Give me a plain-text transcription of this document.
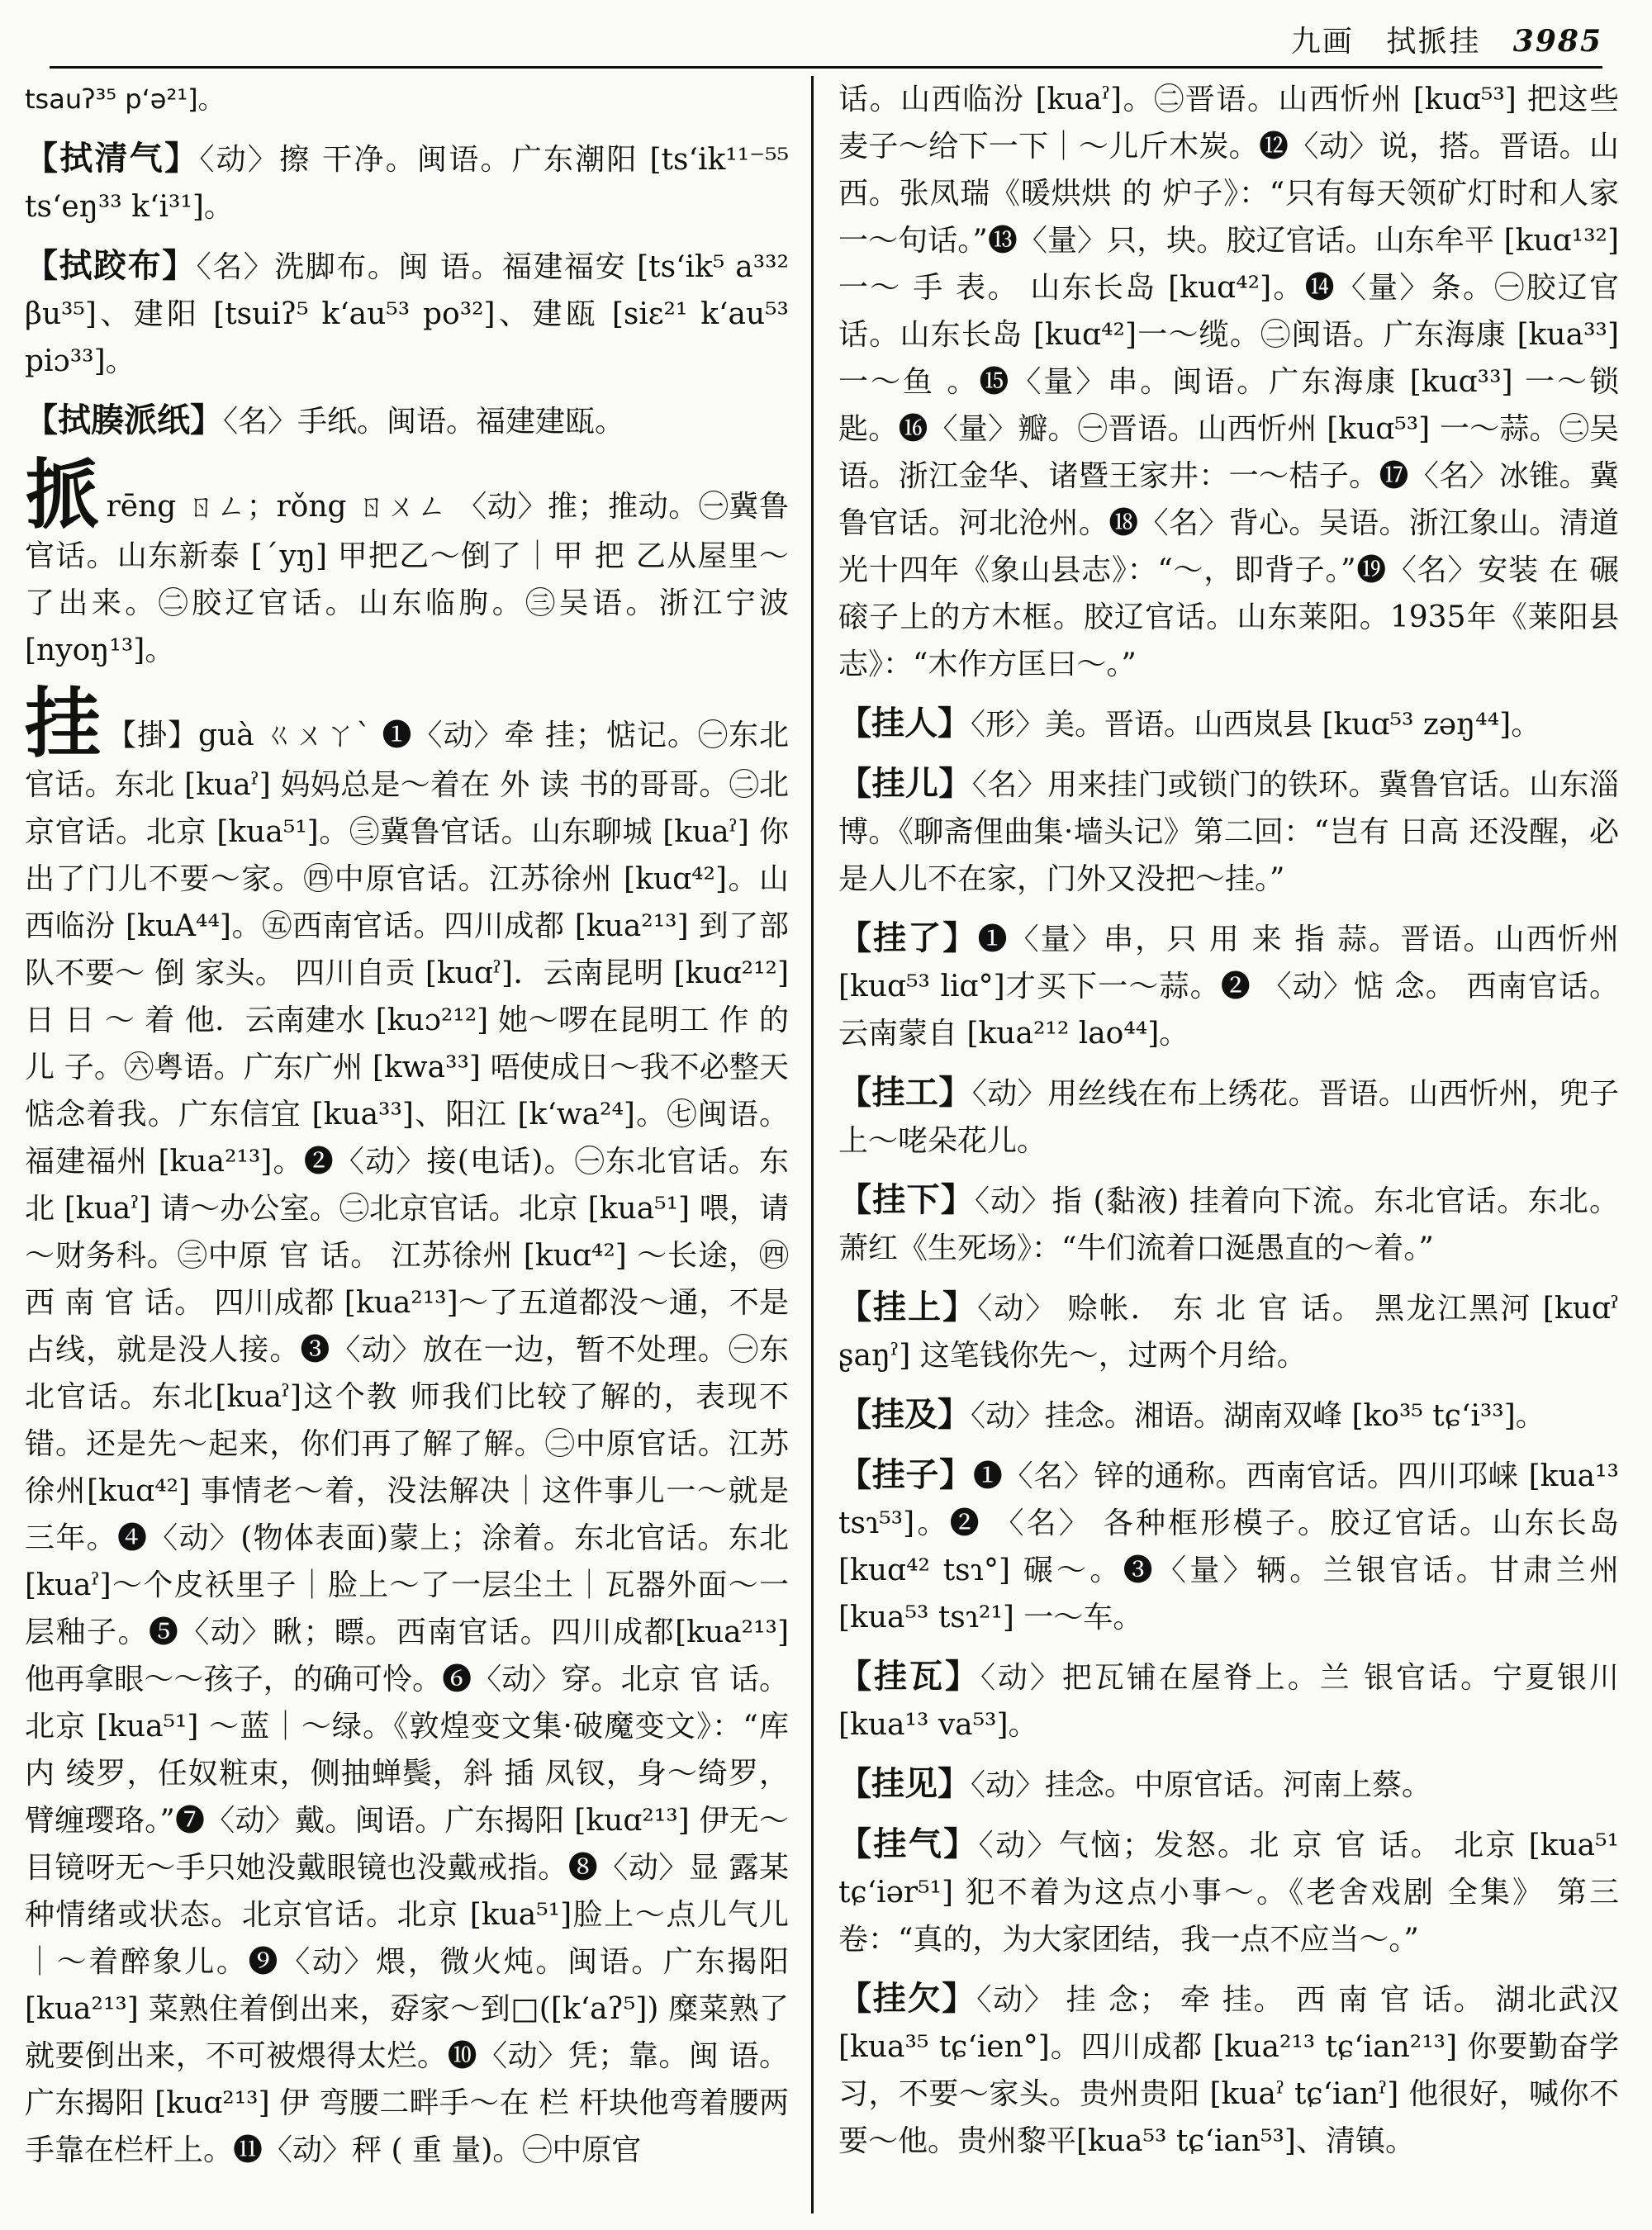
九画 拭挀挂 3985

tsauʔ³⁵ pʻə²¹]。

【拭清气】〈动〉擦 干净。闽语。广东潮阳 [tsʻik¹¹⁻⁵⁵ tsʻeŋ³³ kʻi³¹]。

【拭跤布】〈名〉洗脚布。闽 语。福建福安 [tsʻik⁵ a³³² βu³⁵]、建阳 [tsuiʔ⁵ kʻau⁵³ po³²]、建瓯 [siɛ²¹ kʻau⁵³ piɔ³³]。

【拭腠派纸】〈名〉手纸。闽语。福建建瓯。

挀rēng ㄖㄥ；rǒng ㄖㄨㄥ 〈动〉推；推动。㊀冀鲁官话。山东新泰 [ˊyŋ] 甲把乙～倒了｜甲 把 乙从屋里～了出来。㊁胶辽官话。山东临朐。㊂吴语。浙江宁波 [nyoŋ¹³]。

挂 【掛】guà ㄍㄨㄚˋ ❶〈动〉牵 挂；惦记。㊀东北官话。东北 [kuaˀ] 妈妈总是～着在 外 读 书的哥哥。㊁北京官话。北京 [kua⁵¹]。㊂冀鲁官话。山东聊城 [kuaˀ] 你出了门儿不要～家。㊃中原官话。江苏徐州 [kuɑ⁴²]。山西临汾 [kuA⁴⁴]。㊄西南官话。四川成都 [kua²¹³] 到了部队不要～ 倒 家头。 四川自贡 [kuɑˀ]．云南昆明 [kuɑ²¹²] 日 日 ～ 着 他．云南建水 [kuɔ²¹²] 她～啰在昆明工 作 的 儿 子。㊅粤语。广东广州 [kwa³³] 唔使成日～我不必整天惦念着我。广东信宜 [kua³³]、阳江 [kʻwa²⁴]。㊆闽语。福建福州 [kua²¹³]。❷〈动〉接(电话)。㊀东北官话。东北 [kuaˀ] 请～办公室。㊁北京官话。北京 [kua⁵¹] 喂，请～财务科。㊂中原 官 话。 江苏徐州 [kuɑ⁴²] ～长途，㊃西 南 官 话。 四川成都 [kua²¹³]～了五道都没～通，不是占线，就是没人接。❸〈动〉放在一边，暂不处理。㊀东北官话。东北[kuaˀ]这个教 师我们比较了解的，表现不错。还是先～起来，你们再了解了解。㊁中原官话。江苏徐州[kuɑ⁴²] 事情老～着，没法解决｜这件事儿一～就是三年。❹〈动〉(物体表面)蒙上；涂着。东北官话。东北[kuaˀ]～个皮袄里子｜脸上～了一层尘土｜瓦器外面～一层釉子。❺〈动〉瞅；瞟。西南官话。四川成都[kua²¹³]他再拿眼～～孩子，的确可怜。❻〈动〉穿。北京 官 话。 北京 [kua⁵¹] ～蓝｜～绿。《敦煌变文集·破魔变文》：“库 内 绫罗，任奴粧束，侧抽蝉鬓，斜 插 凤钗，身～绮罗，臂缠璎珞。”❼〈动〉戴。闽语。广东揭阳 [kuɑ²¹³] 伊无～目镜呀无～手只她没戴眼镜也没戴戒指。❽〈动〉显 露某种情绪或状态。北京官话。北京 [kua⁵¹]脸上～点儿气儿｜～着醉象儿。❾〈动〉煨，微火炖。闽语。广东揭阳 [kua²¹³] 菜熟住着倒出来，孬家～到□([kʻaʔ⁵]) 糜菜熟了就要倒出来，不可被煨得太烂。❿〈动〉凭；靠。闽 语。广东揭阳 [kuɑ²¹³] 伊 弯腰二畔手～在 栏 杆块他弯着腰两手靠在栏杆上。⓫〈动〉秤 ( 重 量)。㊀中原官

话。山西临汾 [kuaˀ]。㊁晋语。山西忻州 [kuɑ⁵³] 把这些麦子～给下一下｜～儿斤木炭。⓬〈动〉说，搭。晋语。山西。张凤瑞《暖烘烘 的 炉子》：“只有每天领矿灯时和人家一～句话。”⓭〈量〉只，块。胶辽官话。山东牟平 [kuɑ¹³²] 一～ 手 表。 山东长岛 [kuɑ⁴²]。⓮〈量〉条。㊀胶辽官话。山东长岛 [kuɑ⁴²]一～缆。㊁闽语。广东海康 [kua³³] 一～鱼 。⓯〈量〉串。闽语。广东海康 [kuɑ³³] 一～锁 匙。⓰〈量〉瓣。㊀晋语。山西忻州 [kuɑ⁵³] 一～蒜。㊁吴语。浙江金华、诸暨王家井：一～桔子。⓱〈名〉冰锥。冀鲁官话。河北沧州。⓲〈名〉背心。吴语。浙江象山。清道光十四年《象山县志》：“～，即背子。”⓳〈名〉安装 在 碾磙子上的方木框。胶辽官话。山东莱阳。1935年《莱阳县志》：“木作方匡曰～。”

【挂人】〈形〉美。晋语。山西岚县 [kuɑ⁵³ zəŋ⁴⁴]。

【挂儿】〈名〉用来挂门或锁门的铁环。冀鲁官话。山东淄博。《聊斋俚曲集·墙头记》第二回：“岂有 日高 还没醒，必是人儿不在家，门外又没把～挂。”

【挂了】❶〈量〉串，只 用 来 指 蒜。晋语。山西忻州 [kuɑ⁵³ liɑ°]才买下一～蒜。❷ 〈动〉惦 念。 西南官话。云南蒙自 [kua²¹² lao⁴⁴]。

【挂工】〈动〉用丝线在布上绣花。晋语。山西忻州，兜子上～咾朵花儿。

【挂下】〈动〉指 (黏液) 挂着向下流。东北官话。东北。萧红《生死场》：“牛们流着口涎愚直的～着。”

【挂上】〈动〉 赊帐． 东 北 官 话。 黑龙江黑河 [kuɑˀ ʂaŋˀ] 这笔钱你先～，过两个月给。

【挂及】〈动〉挂念。湘语。湖南双峰 [ko³⁵ tɕʻi³³]。

【挂子】❶〈名〉锌的通称。西南官话。四川邛崃 [kua¹³ tsɿ⁵³]。❷ 〈名〉 各种框形模子。胶辽官话。山东长岛 [kuɑ⁴² tsɿ°] 碾～。❸〈量〉辆。兰银官话。甘肃兰州 [kua⁵³ tsɿ²¹] 一～车。

【挂瓦】〈动〉把瓦铺在屋脊上。兰 银官话。宁夏银川 [kua¹³ va⁵³]。

【挂见】〈动〉挂念。中原官话。河南上蔡。

【挂气】〈动〉气恼；发怒。北 京 官 话。 北京 [kua⁵¹ tɕʻiər⁵¹] 犯不着为这点小事～。《老舍戏剧 全集》 第三卷：“真的，为大家团结，我一点不应当～。”

【挂欠】〈动〉 挂 念； 牵 挂。 西 南 官 话。 湖北武汉 [kua³⁵ tɕʻien°]。四川成都 [kua²¹³ tɕʻian²¹³] 你要勤奋学习，不要～家头。贵州贵阳 [kuaˀ tɕʻianˀ] 他很好，喊你不要～他。贵州黎平[kua⁵³ tɕʻian⁵³]、清镇。
